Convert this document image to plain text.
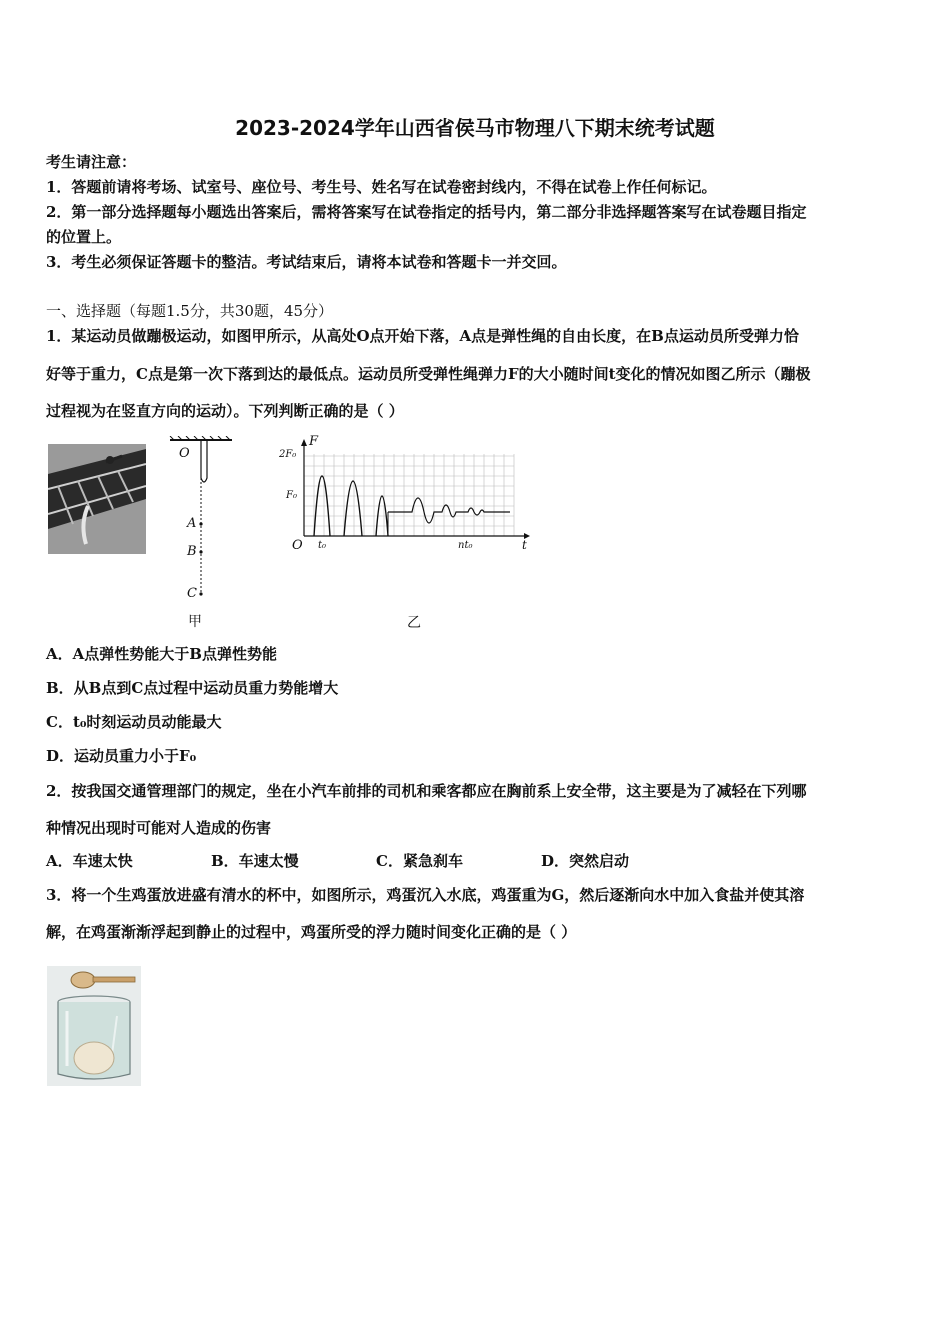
2023-2024学年山西省侯马市物理八下期末统考试题
考生请注意：
1．答题前请将考场、试室号、座位号、考生号、姓名写在试卷密封线内，不得在试卷上作任何标记。
2．第一部分选择题每小题选出答案后，需将答案写在试卷指定的括号内，第二部分非选择题答案写在试卷题目指定
的位置上。
3．考生必须保证答题卡的整洁。考试结束后，请将本试卷和答题卡一并交回。
一、选择题（每题1.5分，共30题，45分）
1．某运动员做蹦极运动，如图甲所示，从高处O点开始下落，A点是弹性绳的自由长度，在B点运动员所受弹力恰
好等于重力，C点是第一次下落到达的最低点。运动员所受弹性绳弹力F的大小随时间t变化的情况如图乙所示（蹦极
过程视为在竖直方向的运动）。下列判断正确的是（ ）
O
A
B
C
甲
F
2F₀
F₀
O t₀	nt₀	t
乙
A．A点弹性势能大于B点弹性势能
B．从B点到C点过程中运动员重力势能增大
C．t₀时刻运动员动能最大
D．运动员重力小于F₀
2．按我国交通管理部门的规定，坐在小汽车前排的司机和乘客都应在胸前系上安全带，这主要是为了减轻在下列哪
种情况出现时可能对人造成的伤害
A．车速太快	B．车速太慢	C．紧急刹车	D．突然启动
3．将一个生鸡蛋放进盛有清水的杯中，如图所示，鸡蛋沉入水底，鸡蛋重为G，然后逐渐向水中加入食盐并使其溶
解，在鸡蛋渐渐浮起到静止的过程中，鸡蛋所受的浮力随时间变化正确的是（ ）
